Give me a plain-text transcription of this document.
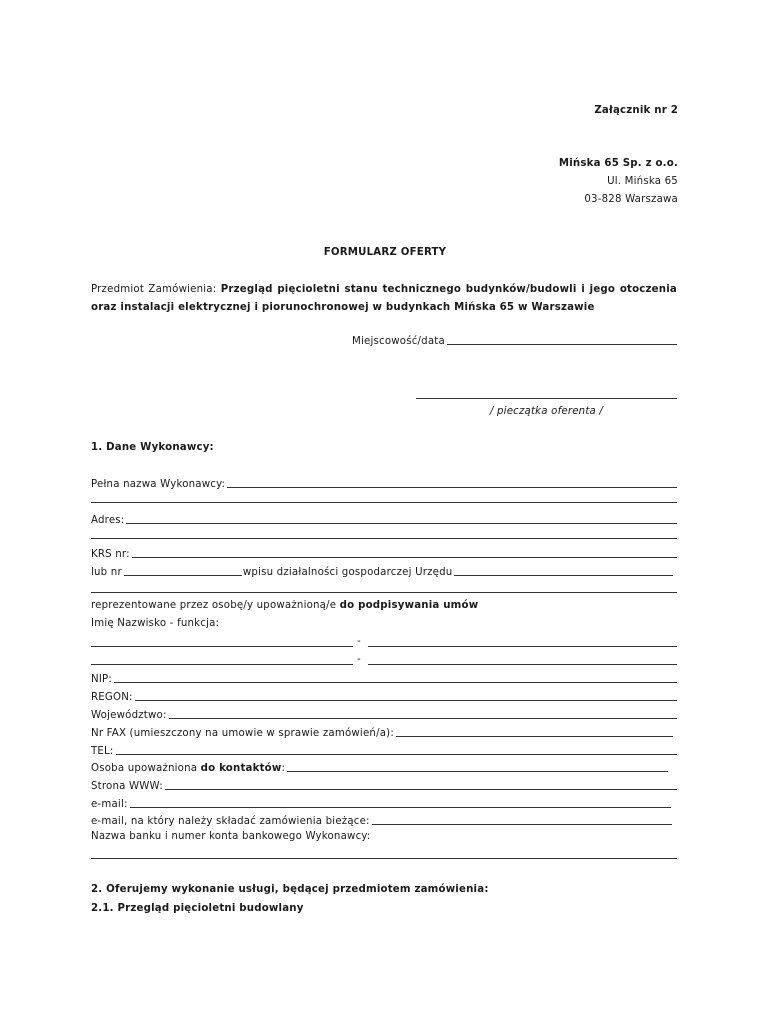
Załącznik nr 2
Mińska 65 Sp. z o.o.
Ul. Mińska 65
03-828 Warszawa
FORMULARZ OFERTY
Przedmiot Zamówienia: Przegląd pięcioletni stanu technicznego budynków/budowli i jego otoczenia oraz instalacji elektrycznej i piorunochronowej w budynkach Mińska 65 w Warszawie
Miejscowość/data
/ pieczątka oferenta /
1. Dane Wykonawcy:
Pełna nazwa Wykonawcy:
Adres:
KRS nr:
lub nr	wpisu działalności gospodarczej Urzędu
reprezentowane przez osobę/y upoważnioną/e do podpisywania umów
Imię Nazwisko - funkcja:
-
-
NIP:
REGON:
Województwo:
Nr FAX (umieszczony na umowie w sprawie zamówień/a):
TEL:
Osoba upoważniona do kontaktów:
Strona WWW:
e-mail:
e-mail, na który należy składać zamówienia bieżące:
Nazwa banku i numer konta bankowego Wykonawcy:
2. Oferujemy wykonanie usługi, będącej przedmiotem zamówienia:
2.1. Przegląd pięcioletni budowlany
